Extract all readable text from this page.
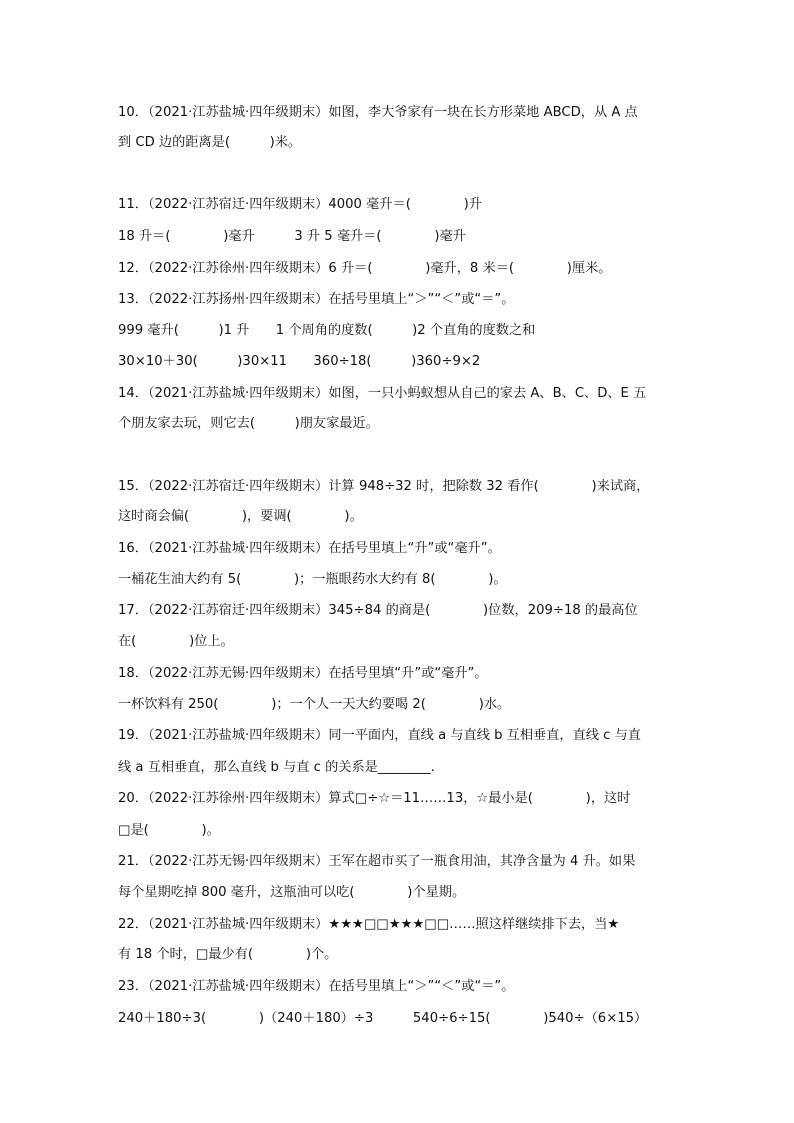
10．（2021·江苏盐城·四年级期末）如图，李大爷家有一块在长方形菜地 ABCD，从 A 点
到 CD 边的距离是(　　　)米。
11．（2022·江苏宿迁·四年级期末）4000 毫升＝(　　　　)升
18 升＝(　　　　)毫升　　　3 升 5 毫升＝(　　　　)毫升
12．（2022·江苏徐州·四年级期末）6 升＝(　　　　)毫升，8 米＝(　　　　)厘米。
13．（2022·江苏扬州·四年级期末）在括号里填上“＞”“＜”或“＝”。
999 毫升(　　　)1 升　　1 个周角的度数(　　　)2 个直角的度数之和
30×10＋30(　　　)30×11　　360÷18(　　　)360÷9×2
14．（2021·江苏盐城·四年级期末）如图，一只小蚂蚁想从自己的家去 A、B、C、D、E 五
个朋友家去玩，则它去(　　　)朋友家最近。
15．（2022·江苏宿迁·四年级期末）计算 948÷32 时，把除数 32 看作(　　　　)来试商，
这时商会偏(　　　　)，要调(　　　　)。
16．（2021·江苏盐城·四年级期末）在括号里填上“升”或“毫升”。
一桶花生油大约有 5(　　　　)；一瓶眼药水大约有 8(　　　　)。
17．（2022·江苏宿迁·四年级期末）345÷84 的商是(　　　　)位数，209÷18 的最高位
在(　　　　)位上。
18．（2022·江苏无锡·四年级期末）在括号里填“升”或“毫升”。
一杯饮料有 250(　　　　)；一个人一天大约要喝 2(　　　　)水。
19．（2021·江苏盐城·四年级期末）同一平面内，直线 a 与直线 b 互相垂直，直线 c 与直
线 a 互相垂直，那么直线 b 与直 c 的关系是________.
20．（2022·江苏徐州·四年级期末）算式□÷☆＝11……13，☆最小是(　　　　)，这时
□是(　　　　)。
21．（2022·江苏无锡·四年级期末）王军在超市买了一瓶食用油，其净含量为 4 升。如果
每个星期吃掉 800 毫升，这瓶油可以吃(　　　　)个星期。
22．（2021·江苏盐城·四年级期末）★★★□□★★★□□……照这样继续排下去，当★
有 18 个时，□最少有(　　　　)个。
23．（2021·江苏盐城·四年级期末）在括号里填上“＞”“＜”或“＝”。
240＋180÷3(　　　　)（240＋180）÷3　　　540÷6÷15(　　　　)540÷（6×15）
